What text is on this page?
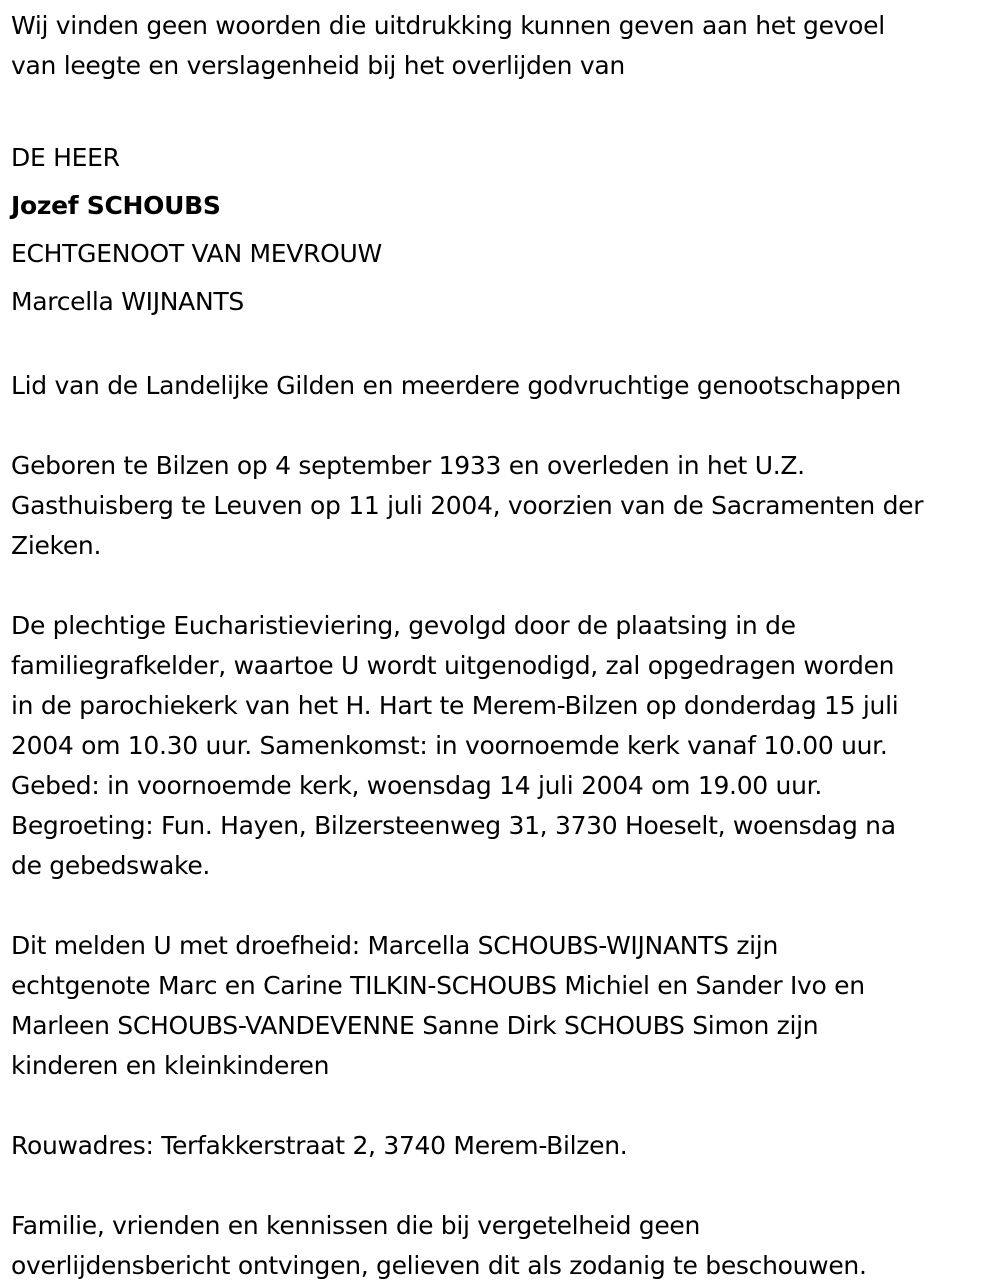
Wij vinden geen woorden die uitdrukking kunnen geven aan het gevoel
van leegte en verslagenheid bij het overlijden van

DE HEER
Jozef SCHOUBS
ECHTGENOOT VAN MEVROUW
Marcella WIJNANTS

Lid van de Landelijke Gilden en meerdere godvruchtige genootschappen

Geboren te Bilzen op 4 september 1933 en overleden in het U.Z.
Gasthuisberg te Leuven op 11 juli 2004, voorzien van de Sacramenten der
Zieken.

De plechtige Eucharistieviering, gevolgd door de plaatsing in de
familiegrafkelder, waartoe U wordt uitgenodigd, zal opgedragen worden
in de parochiekerk van het H. Hart te Merem-Bilzen op donderdag 15 juli
2004 om 10.30 uur. Samenkomst: in voornoemde kerk vanaf 10.00 uur.
Gebed: in voornoemde kerk, woensdag 14 juli 2004 om 19.00 uur.
Begroeting: Fun. Hayen, Bilzersteenweg 31, 3730 Hoeselt, woensdag na
de gebedswake.

Dit melden U met droefheid: Marcella SCHOUBS-WIJNANTS zijn
echtgenote Marc en Carine TILKIN-SCHOUBS Michiel en Sander Ivo en
Marleen SCHOUBS-VANDEVENNE Sanne Dirk SCHOUBS Simon zijn
kinderen en kleinkinderen

Rouwadres: Terfakkerstraat 2, 3740 Merem-Bilzen.

Familie, vrienden en kennissen die bij vergetelheid geen
overlijdensbericht ontvingen, gelieven dit als zodanig te beschouwen.
